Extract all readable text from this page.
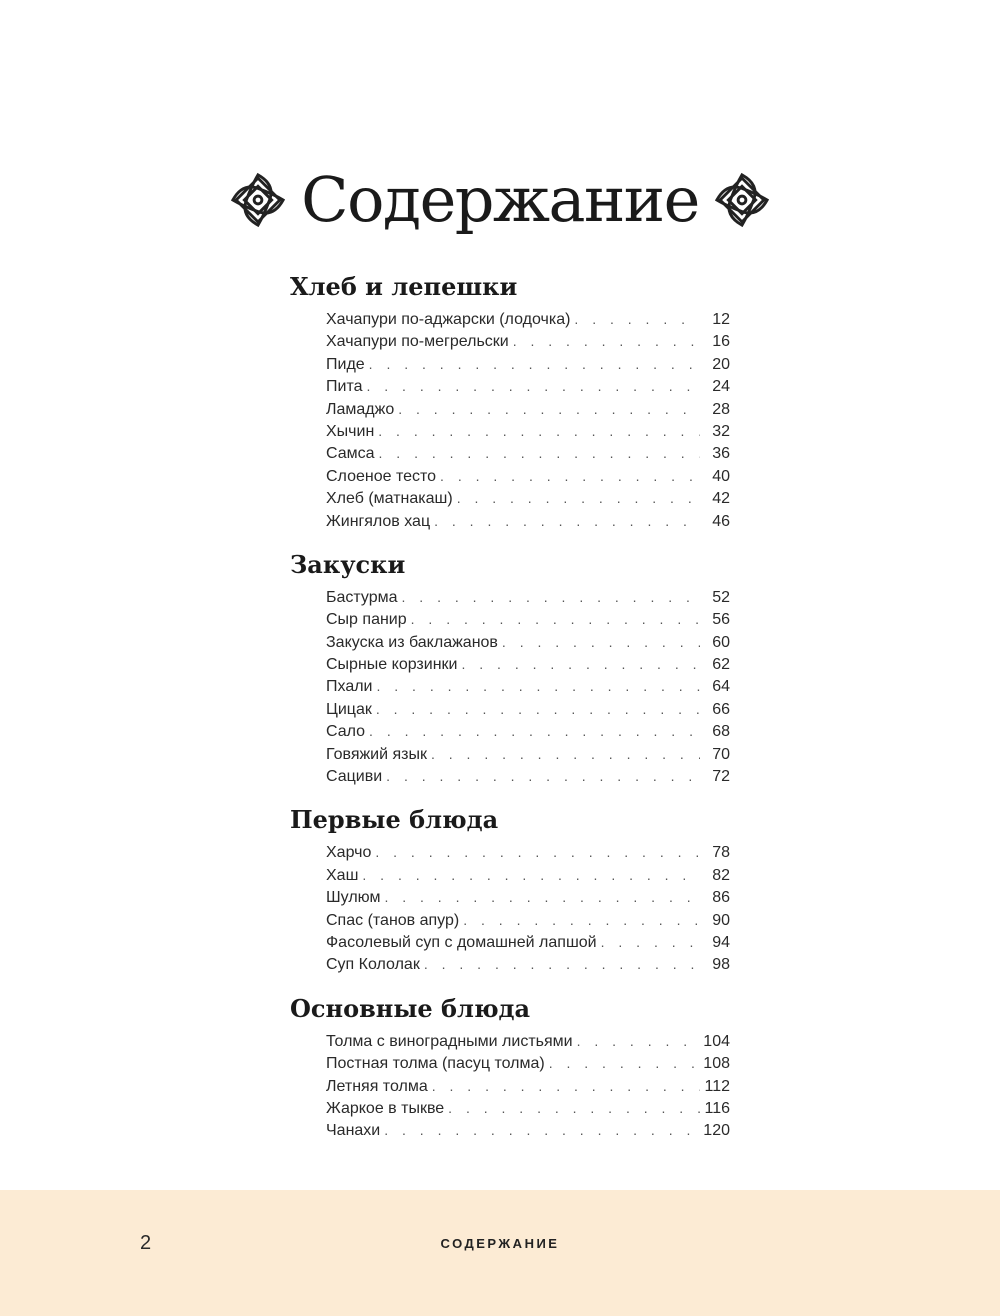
Содержание
Хлеб и лепешки
Хачапури по-аджарски (лодочка) . . .	12
Хачапури по-мегрельски . . .	16
Пиде . . .	20
Пита . . .	24
Ламаджо . . .	28
Хычин . . .	32
Самса . . .	36
Слоеное тесто . . .	40
Хлеб (матнакаш) . . .	42
Жингялов хац . . .	46
Закуски
Бастурма . . .	52
Сыр панир . . .	56
Закуска из баклажанов . . .	60
Сырные корзинки . . .	62
Пхали . . .	64
Цицак . . .	66
Сало . . .	68
Говяжий язык . . .	70
Сациви . . .	72
Первые блюда
Харчо . . .	78
Хаш . . .	82
Шулюм . . .	86
Спас (танов апур) . . .	90
Фасолевый суп с домашней лапшой . . .	94
Суп Кололак . . .	98
Основные блюда
Толма с виноградными листьями . . .	104
Постная толма (пасуц толма) . . .	108
Летняя толма . . .	112
Жаркое в тыкве . . .	116
Чанахи . . .	120
2	СОДЕРЖАНИЕ
